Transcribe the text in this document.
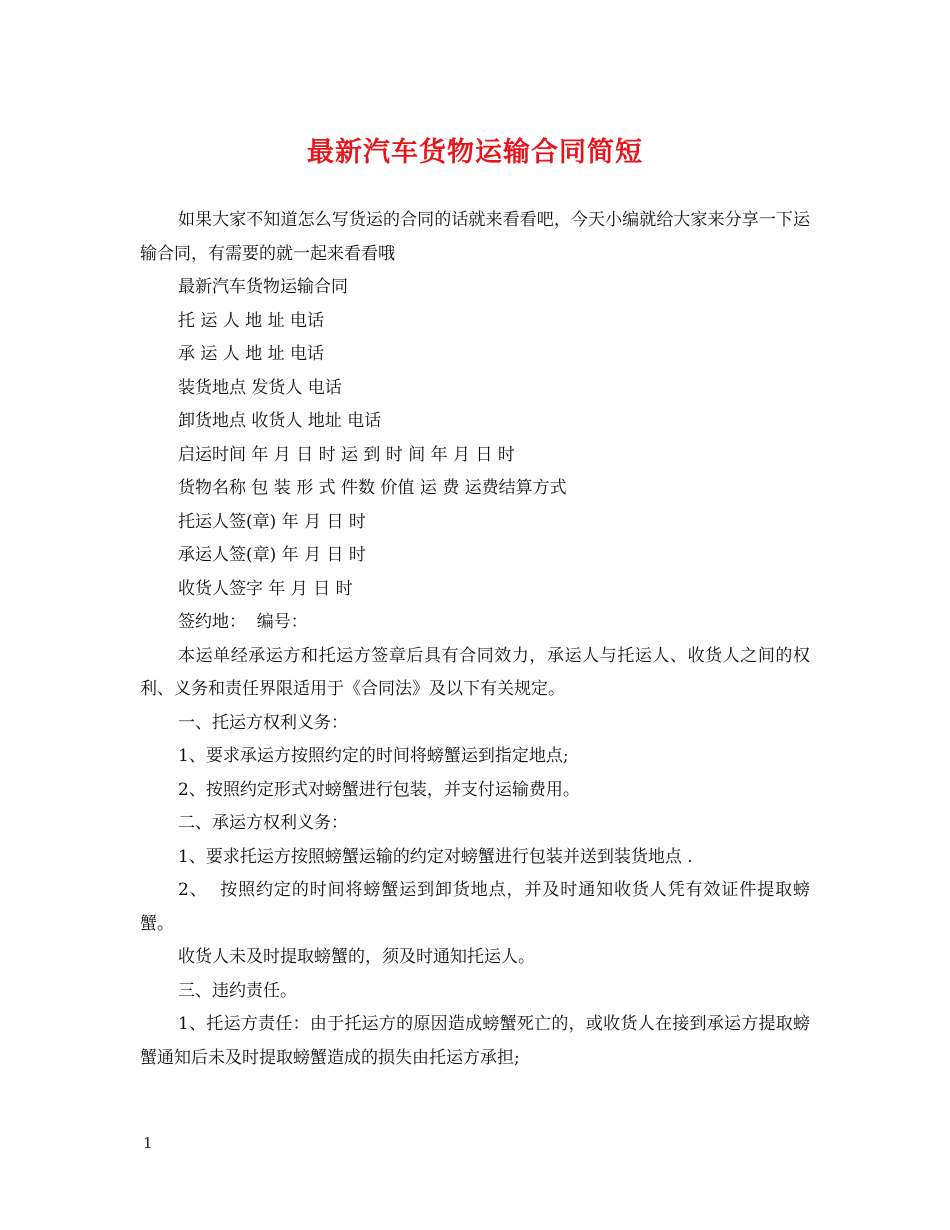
最新汽车货物运输合同简短

如果大家不知道怎么写货运的合同的话就来看看吧，今天小编就给大家来分享一下运输合同，有需要的就一起来看看哦

最新汽车货物运输合同

托 运 人 地 址 电话

承 运 人 地 址 电话

装货地点 发货人 电话

卸货地点 收货人 地址 电话

启运时间 年 月 日 时 运 到 时 间 年 月 日 时

货物名称 包 装 形 式 件数 价值 运 费 运费结算方式

托运人签(章) 年 月 日 时

承运人签(章) 年 月 日 时

收货人签字 年 月 日 时

签约地：  编号：

本运单经承运方和托运方签章后具有合同效力，承运人与托运人、收货人之间的权利、义务和责任界限适用于《合同法》及以下有关规定。

一、托运方权利义务：

1、要求承运方按照约定的时间将螃蟹运到指定地点;

2、按照约定形式对螃蟹进行包装，并支付运输费用。

二、承运方权利义务：

1、要求托运方按照螃蟹运输的约定对螃蟹进行包装并送到装货地点 .

2、  按照约定的时间将螃蟹运到卸货地点，并及时通知收货人凭有效证件提取螃蟹。

收货人未及时提取螃蟹的，须及时通知托运人。

三、违约责任。

1、托运方责任：由于托运方的原因造成螃蟹死亡的，或收货人在接到承运方提取螃蟹通知后未及时提取螃蟹造成的损失由托运方承担;

1
